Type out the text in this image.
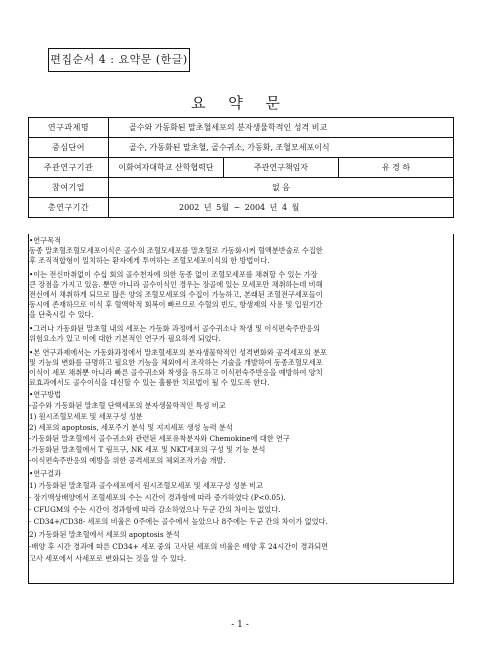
편집순서 4 : 요약문 (한글)
요 약 문
연구과제명	골수와 가동화된 말초혈세포의 분자생물학적인 성격 비교		
중심단어	골수, 가동화된 말초혈, 골수귀소, 가동화, 조혈모세포이식		
주관연구기관	이화여자대학교 산학협력단	주관연구책임자	유 경 하
참여기업	없 음		
총연구기간	2002 년 5월 ~ 2004 년 4 월		
•연구목적
동종 말초혈조혈모세포이식은 골수의 조혈모세포를 말초혈로 가동화시켜 혈액분반술로 수집한
후 조직적합형이 일치하는 환자에게 투여하는 조혈모세포이식의 한 방법이다.
•이는 전신마취없이 수십 회의 골수천자에 의한 동종 없이 조혈모세포를 채취할 수 있는 가장
큰 장점을 가지고 있음. 뿐만 아니라 골수이식인 경우는 장골에 있는 모세포만 채취하는데 비해
전신에서 채취하게 되므로 많은 양의 조혈모세포의 수집이 가능하고, 본래된 조혈전구세포들이
동시에 존재하므로 이식 후 혈액학적 회복이 빠르므로 수혈의 빈도, 항생제의 사용 및 입원기간
을 단축시킬 수 있다.
•그러나 가동화된 말초혈 내의 세포는 가동화 과정에서 골수귀소나 착생 및 이식편숙주반응의
위험요소가 있고 이에 대한 기본적인 연구가 필요하게 되었다.
•본 연구과제에서는 가동화과정에서 말초혈세포의 분자생물학적인 성격변화와 공격세포의 분포
및 기능의 변화를 규명하고 필요한 기능을 체외에서 조작하는 기술을 개발하여 동종조혈모세포
이식이 세포 채취뿐 아니라 빠른 골수귀소와 착생을 유도하고 이식편숙주반응을 예방하여 양치
료효과에서도 골수이식을 대신할 수 있는 훌륭한 치료법이 될 수 있도록 한다.
•연구방법
-골수와 가동화된 말초혈 단핵세포의 분자생물학적인 특성 비교
1) 원시조혈모세포 및 세포구성 성분
2) 세포의 apoptosis, 세포주기 분석 및 지지세포 생성 능력 분석
-가동화된 말초혈에서 골수귀소와 관련된 세포유착분자와 Chemokine에 대한 연구
-가동화된 말초혈에서 T 림프구, NK 세포 및 NKT세포의 구성 및 기능 분석
-이식편숙주반응의 예방을 위한 공격세포의 체외조작기술 개발.
•연구결과
1) 가동화된 말초혈과 골수세포에서 원시조혈모세포 및 세포구성 성분 비교
· 장기액상배양에서 조혈세포의 수는 시간이 경과함에 따라 증가하였다 (P<0.05).
· CFUGM의 수는 시간이 경과함에 따라 감소하였으나 두군 간의 차이는 없었다.
· CD34+/CD38- 세포의 비율은 0주에는 골수에서 높았으나 8주에는 두군 간의 차이가 없었다.
2) 가동화된 말초혈에서 세포의 apoptosis 분석
-배양 후 시간 경과에 따른 CD34+ 세포 중의 고사된 세포의 비율은 배양 후 24시간이 경과되면
고사 세포에서 사세포로 변화되는 것을 알 수 있다.
- 1 -
